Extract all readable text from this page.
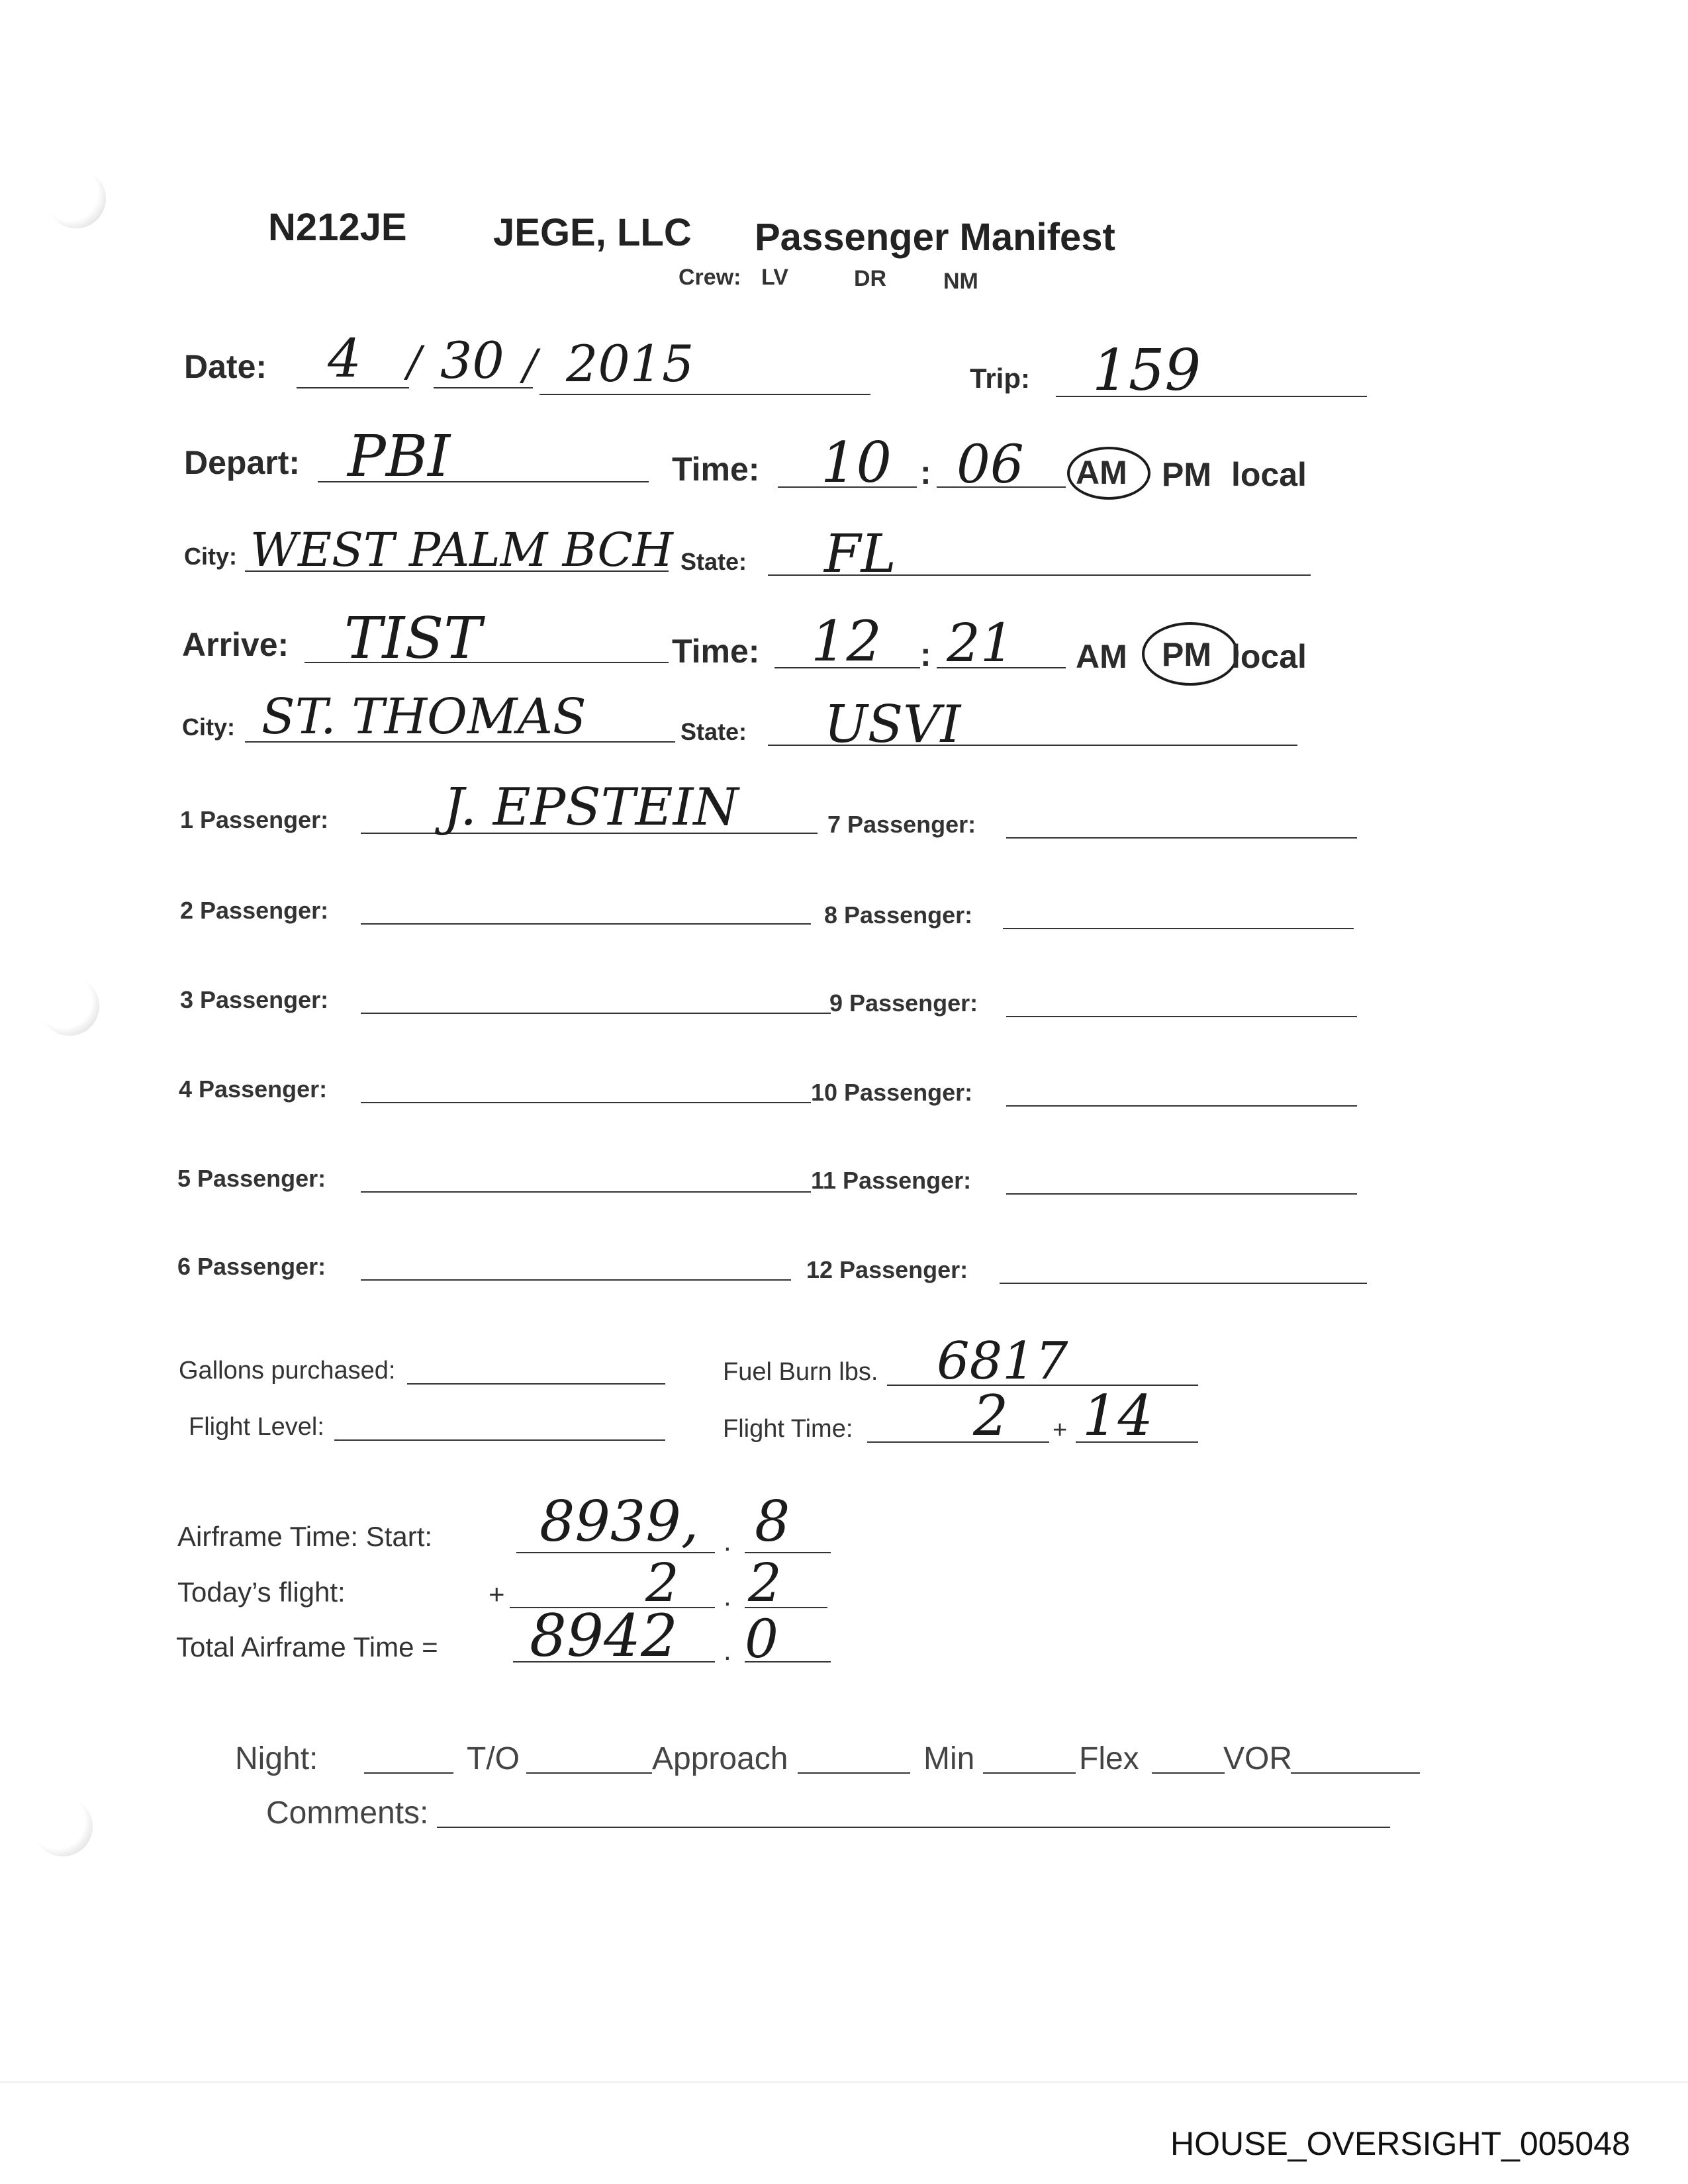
N212JE JEGE, LLC Passenger Manifest
Crew: LV	DR	NM
Date: 4 / 30 / 2015	Trip: 159
Depart: PBI	Time: 10 : 06 AM PM local
City: WEST PALM BCH State: FL
Arrive: TIST	Time: 12 : 21 AM PM local
City: ST. THOMAS	State: USVI
1 Passenger: J. EPSTEIN
2 Passenger:
3 Passenger:
4 Passenger:
5 Passenger:
6 Passenger:
7 Passenger:
8 Passenger:
9 Passenger:
10 Passenger:
11 Passenger:
12 Passenger:
Gallons purchased:	Fuel Burn lbs. 6817
Flight Level:	Flight Time: 2 + 14
Airframe Time: Start: 8939, . 8
Today’s flight:	+	2 . 2
Total Airframe Time = 8942 . 0
Night:	T/O	Approach	Min	Flex	VOR
Comments:
HOUSE_OVERSIGHT_005048
